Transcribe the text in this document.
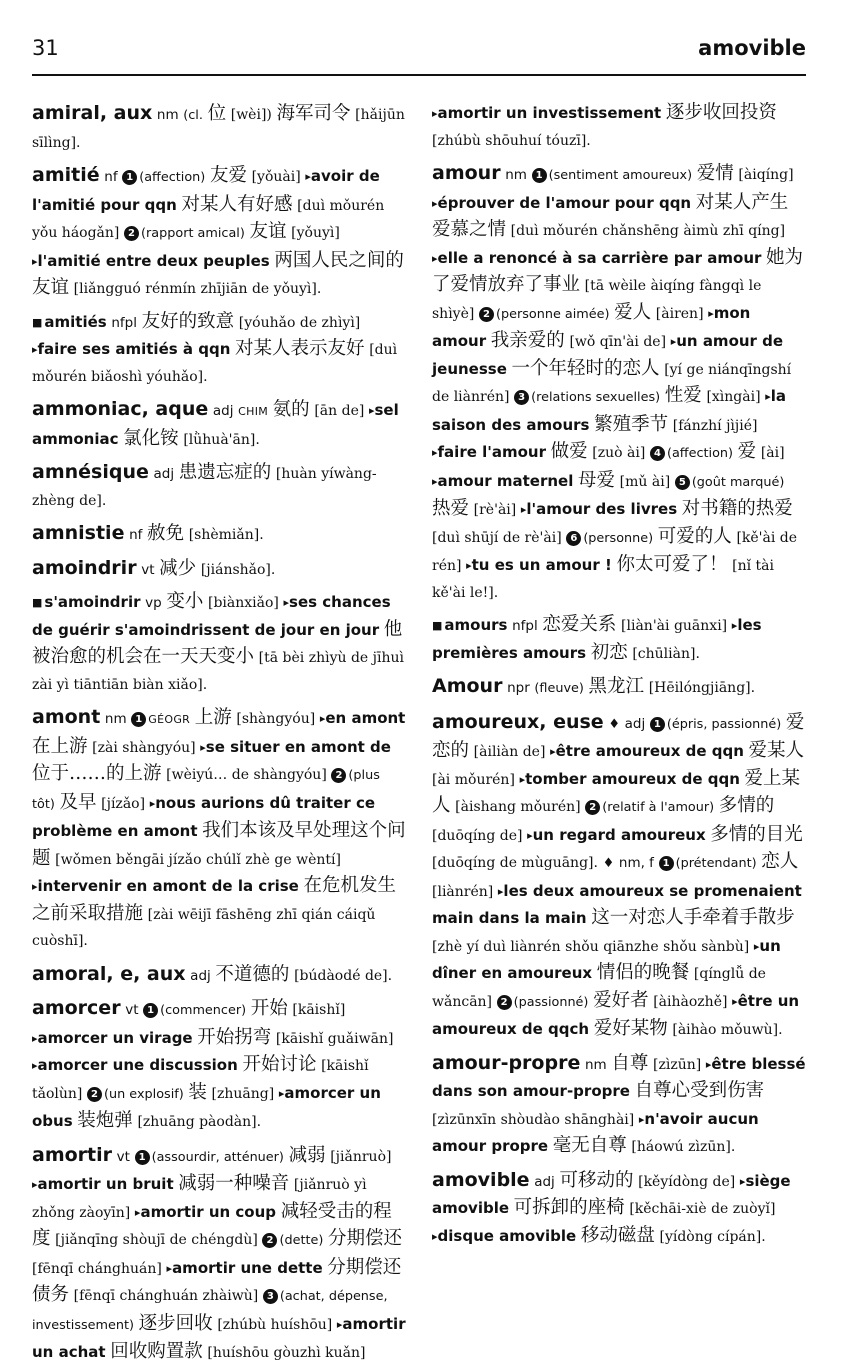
31	amovible

amiral, aux nm (cl. 位 [wèi]) 海军司令 [hǎijūn sīlìng].

amitié nf 1 (affection) 友爱 [yǒuài] ▸avoir de l'amitié pour qqn 对某人有好感 [duì mǒurén yǒu háogǎn] 2 (rapport amical) 友谊 [yǒuyì] ▸l'amitié entre deux peuples 两国人民之间的友谊 [liǎngguó rénmín zhījiān de yǒuyì].

■ amitiés nfpl 友好的致意 [yóuhǎo de zhìyì] ▸faire ses amitiés à qqn 对某人表示友好 [duì mǒurén biǎoshì yóuhǎo].

ammoniac, aque adj CHIM 氨的 [ān de] ▸sel ammoniac 氯化铵 [lǜhuà'ān].

amnésique adj 患遗忘症的 [huàn yíwàng-zhèng de].

amnistie nf 赦免 [shèmiǎn].

amoindrir vt 减少 [jiánshǎo].

■ s'amoindrir vp 变小 [biànxiǎo] ▸ses chances de guérir s'amoindrissent de jour en jour 他被治愈的机会在一天天变小 [tā bèi zhìyù de jīhuì zài yì tiāntiān biàn xiǎo].

amont nm 1 GÉOGR 上游 [shàngyóu] ▸en amont 在上游 [zài shàngyóu] ▸se situer en amont de 位于……的上游 [wèiyú… de shàngyóu] 2 (plus tôt) 及早 [jízǎo] ▸nous aurions dû traiter ce problème en amont 我们本该及早处理这个问题 [wǒmen běngāi jízǎo chúlǐ zhè ge wèntí] ▸intervenir en amont de la crise 在危机发生之前采取措施 [zài wēijī fāshēng zhī qián cáiqǔ cuòshī].

amoral, e, aux adj 不道德的 [búdàodé de].

amorcer vt 1 (commencer) 开始 [kāishǐ] ▸amorcer un virage 开始拐弯 [kāishǐ guǎiwān] ▸amorcer une discussion 开始讨论 [kāishǐ tǎolùn] 2 (un explosif) 装 [zhuāng] ▸amorcer un obus 装炮弹 [zhuāng pàodàn].

amortir vt 1 (assourdir, atténuer) 减弱 [jiǎnruò] ▸amortir un bruit 减弱一种噪音 [jiǎnruò yì zhǒng zàoyīn] ▸amortir un coup 减轻受击的程度 [jiǎnqīng shòujī de chéngdù] 2 (dette) 分期偿还 [fēnqī chánghuán] ▸amortir une dette 分期偿还债务 [fēnqī chánghuán zhàiwù] 3 (achat, dépense, investissement) 逐步回收 [zhúbù huíshōu] ▸amortir un achat 回收购置款 [huíshōu gòuzhì kuǎn]

▸amortir un investissement 逐步收回投资 [zhúbù shōuhuí tóuzī].

amour nm 1 (sentiment amoureux) 爱情 [àiqíng] ▸éprouver de l'amour pour qqn 对某人产生爱慕之情 [duì mǒurén chǎnshēng àimù zhī qíng] ▸elle a renoncé à sa carrière par amour 她为了爱情放弃了事业 [tā wèile àiqíng fàngqì le shìyè] 2 (personne aimée) 爱人 [àiren] ▸mon amour 我亲爱的 [wǒ qīn'ài de] ▸un amour de jeunesse 一个年轻时的恋人 [yí ge niánqīngshí de liànrén] 3 (relations sexuelles) 性爱 [xìngài] ▸la saison des amours 繁殖季节 [fánzhí jìjié] ▸faire l'amour 做爱 [zuò ài] 4 (affection) 爱 [ài] ▸amour maternel 母爱 [mǔ ài] 5 (goût marqué) 热爱 [rè'ài] ▸l'amour des livres 对书籍的热爱 [duì shūjí de rè'ài] 6 (personne) 可爱的人 [kě'ài de rén] ▸tu es un amour ! 你太可爱了！ [nǐ tài kě'ài le!].

■ amours nfpl 恋爱关系 [liàn'ài guānxi] ▸les premières amours 初恋 [chūliàn].

Amour npr (fleuve) 黑龙江 [Hēilóngjiāng].

amoureux, euse ♦ adj 1 (épris, passionné) 爱恋的 [àiliàn de] ▸être amoureux de qqn 爱某人 [ài mǒurén] ▸tomber amoureux de qqn 爱上某人 [àishang mǒurén] 2 (relatif à l'amour) 多情的 [duōqíng de] ▸un regard amoureux 多情的目光 [duōqíng de mùguāng]. ♦ nm, f 1 (prétendant) 恋人 [liànrén] ▸les deux amoureux se promenaient main dans la main 这一对恋人手牵着手散步 [zhè yí duì liànrén shǒu qiānzhe shǒu sànbù] ▸un dîner en amoureux 情侣的晚餐 [qínglǚ de wǎncān] 2 (passionné) 爱好者 [àihàozhě] ▸être un amoureux de qqch 爱好某物 [àihào mǒuwù].

amour-propre nm 自尊 [zìzūn] ▸être blessé dans son amour-propre 自尊心受到伤害 [zìzūnxīn shòudào shānghài] ▸n'avoir aucun amour propre 毫无自尊 [háowú zìzūn].

amovible adj 可移动的 [kěyídòng de] ▸siège amovible 可拆卸的座椅 [kěchāi-xiè de zuòyǐ] ▸disque amovible 移动磁盘 [yídòng cípán].
